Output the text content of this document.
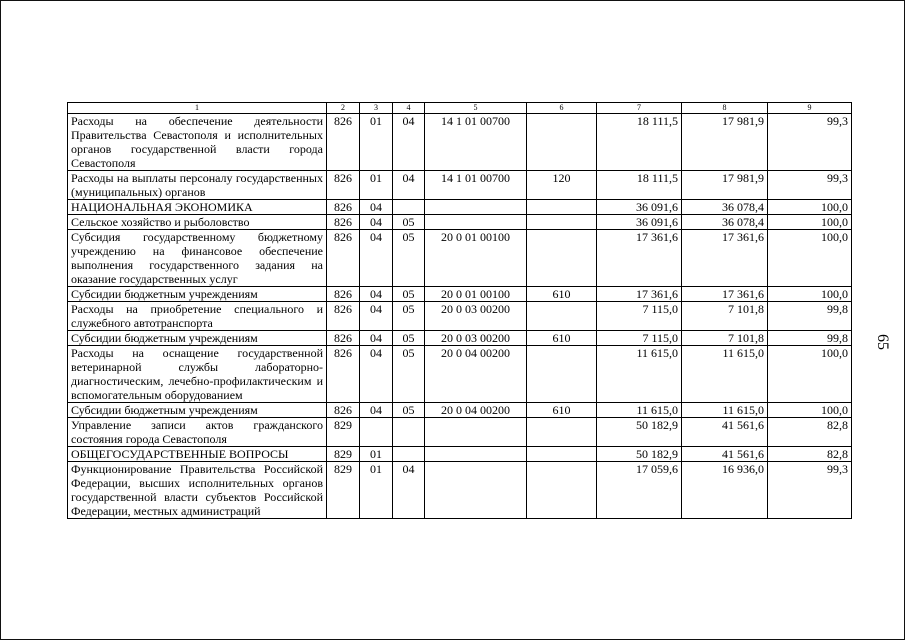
1	2	3	4	5	6	7	8	9
Расходы на обеспечение деятельности Правительства Севастополя и исполнительных органов государственной власти города Севастополя	826	01	04	14 1 01 00700		18 111,5	17 981,9	99,3
Расходы на выплаты персоналу государственных (муниципальных) органов	826	01	04	14 1 01 00700	120	18 111,5	17 981,9	99,3
НАЦИОНАЛЬНАЯ ЭКОНОМИКА	826	04				36 091,6	36 078,4	100,0
Сельское хозяйство и рыболовство	826	04	05			36 091,6	36 078,4	100,0
Субсидия государственному бюджетному учреждению на финансовое обеспечение выполнения государственного задания на оказание государственных услуг	826	04	05	20 0 01 00100		17 361,6	17 361,6	100,0
Субсидии бюджетным учреждениям	826	04	05	20 0 01 00100	610	17 361,6	17 361,6	100,0
Расходы на приобретение специального и служебного автотранспорта	826	04	05	20 0 03 00200		7 115,0	7 101,8	99,8
Субсидии бюджетным учреждениям	826	04	05	20 0 03 00200	610	7 115,0	7 101,8	99,8
Расходы на оснащение государственной ветеринарной службы лабораторно-диагностическим, лечебно-профилактическим и вспомогательным оборудованием	826	04	05	20 0 04 00200		11 615,0	11 615,0	100,0
Субсидии бюджетным учреждениям	826	04	05	20 0 04 00200	610	11 615,0	11 615,0	100,0
Управление записи актов гражданского состояния города Севастополя	829					50 182,9	41 561,6	82,8
ОБЩЕГОСУДАРСТВЕННЫЕ ВОПРОСЫ	829	01				50 182,9	41 561,6	82,8
Функционирование Правительства Российской Федерации, высших исполнительных органов государственной власти субъектов Российской Федерации, местных администраций	829	01	04			17 059,6	16 936,0	99,3
65
